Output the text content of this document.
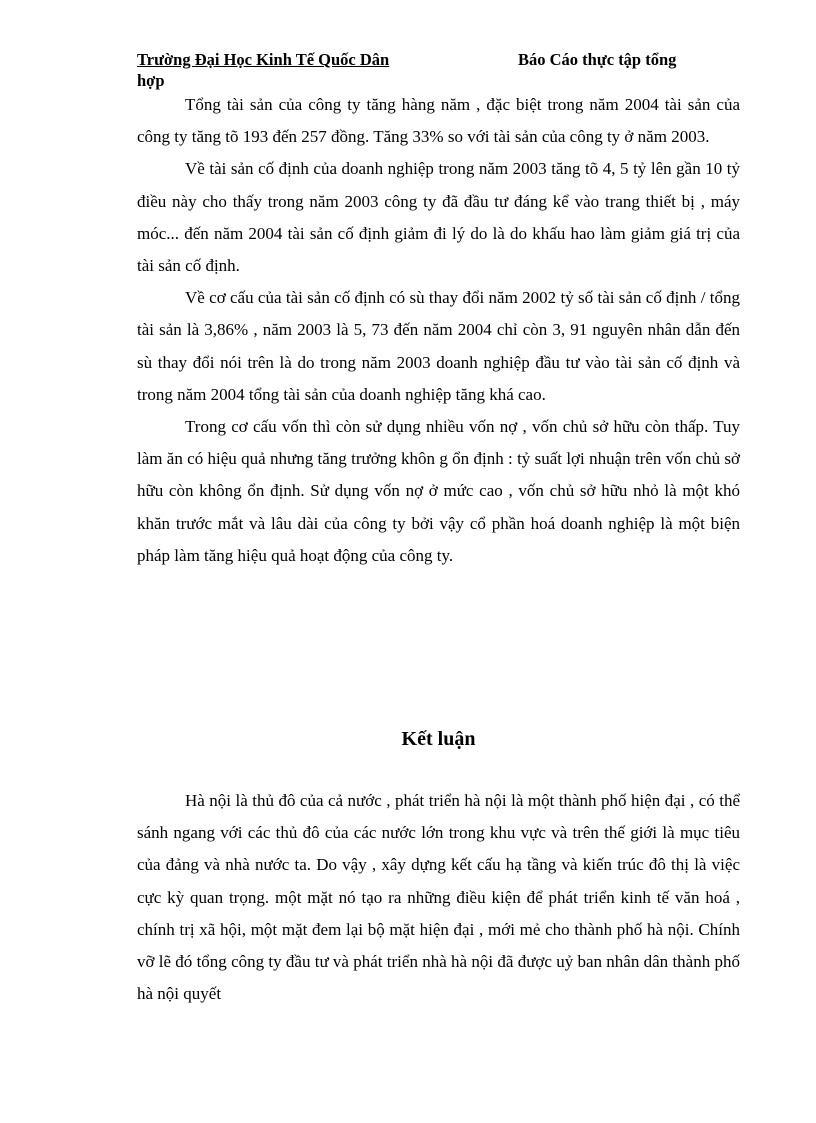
Trường Đại Học Kinh Tế Quốc Dân	Báo Cáo thực tập tổng
hợp

Tổng tài sản của công ty tăng hàng năm , đặc biệt trong năm 2004 tài sản của công ty tăng tõ 193 đến 257 đồng. Tăng 33% so với tài sản của công ty ở năm 2003.

Về tài sản cố định của doanh nghiệp trong năm 2003 tăng tõ 4, 5 tỷ lên gần 10 tỷ điều này cho thấy trong năm 2003 công ty đã đầu tư đáng kể vào trang thiết bị , máy móc... đến năm 2004 tài sản cố định giảm đi lý do là do khấu hao làm giảm giá trị của tài sản cố định.

Về cơ cấu của tài sản cố định có sù thay đổi năm 2002 tỷ số tài sản cố định / tổng tài sản là 3,86% , năm 2003 là 5, 73 đến năm 2004 chỉ còn 3, 91 nguyên nhân dẫn đến sù thay đổi nói trên là do trong năm 2003 doanh nghiệp đầu tư vào tài sản cố định và trong năm 2004 tổng tài sản của doanh nghiệp tăng khá cao.

Trong cơ cấu vốn thì còn sử dụng nhiều vốn nợ , vốn chủ sở hữu còn thấp. Tuy làm ăn có hiệu quả nhưng tăng trưởng khôn g ổn định : tỷ suất lợi nhuận trên vốn chủ sở hữu còn không ổn định. Sử dụng vốn nợ ở mức cao , vốn chủ sở hữu nhỏ là một khó khăn trước mắt và lâu dài của công ty bởi vậy cổ phần hoá doanh nghiệp là một biện pháp làm tăng hiệu quả hoạt động của công ty.

Kết luận

Hà nội là thủ đô của cả nước , phát triển hà nội là một thành phố hiện đại , có thể sánh ngang với các thủ đô của các nước lớn trong khu vực và trên thế giới là mục tiêu của đảng và nhà nước ta. Do vậy , xây dựng kết cấu hạ tầng và kiến trúc đô thị là việc cực kỳ quan trọng. một mặt nó tạo ra những điều kiện để phát triển kinh tế văn hoá , chính trị xã hội, một mặt đem lại bộ mặt hiện đại , mới mẻ cho thành phố hà nội. Chính vỡ lẽ đó tổng công ty đầu tư và phát triển nhà hà nội đã được uỷ ban nhân dân thành phố hà nội quyết
